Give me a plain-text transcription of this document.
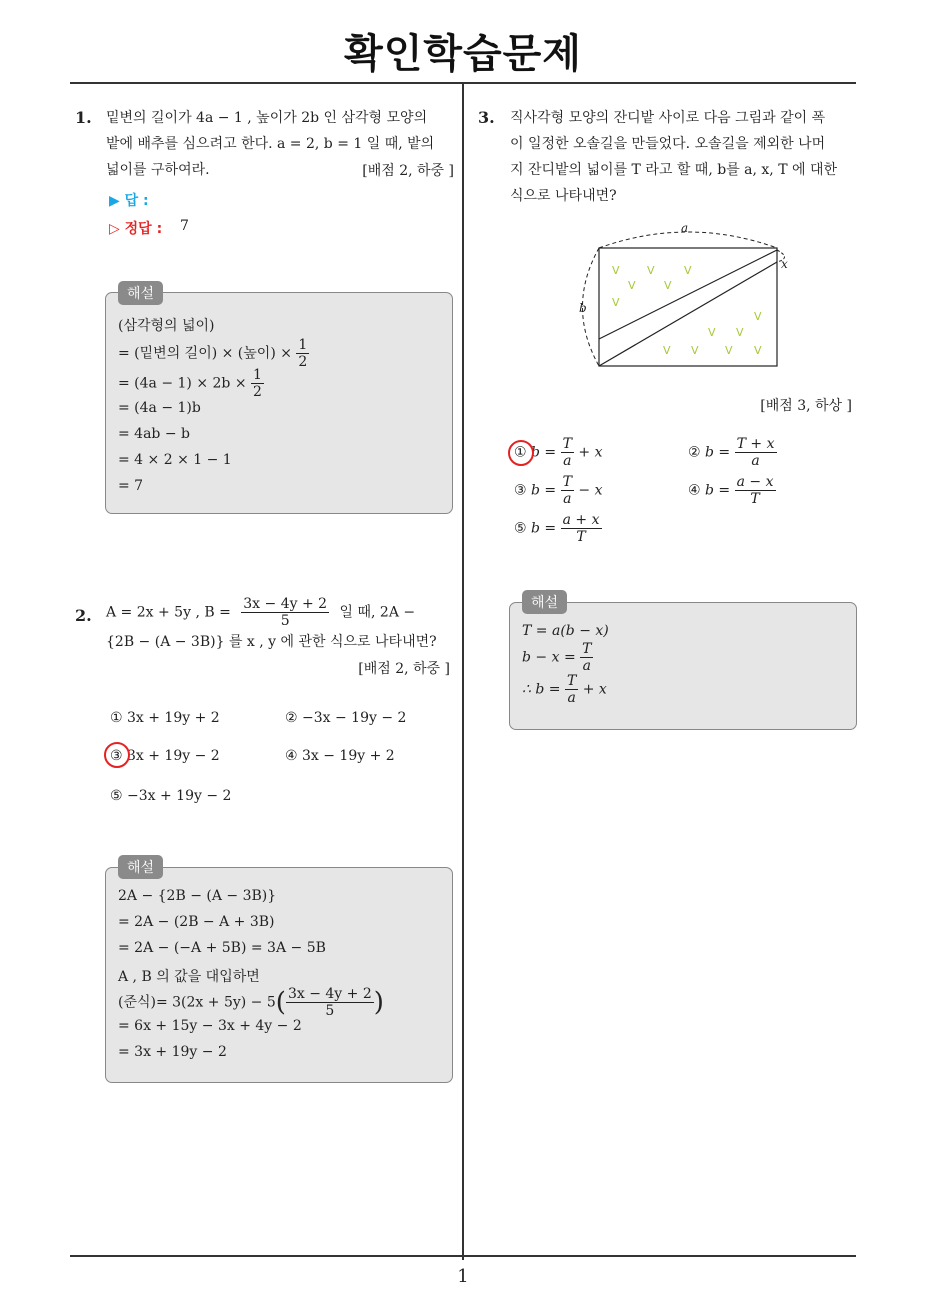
확인학습문제
1
1. 밑변의 길이가 4a − 1 , 높이가 2b 인 삼각형 모양의
밭에 배추를 심으려고 한다. a = 2, b = 1 일 때, 밭의
넓이를 구하여라.	[배점 2, 하중 ]
▶ 답 :
▷ 정답 : 7
(삼각형의 넓이)
= (밑변의 길이) × (높이) × $\frac{1}{2}$
= $(4a - 1) \times 2b \times \frac{1}{2}$
= (4a − 1)b
= 4ab − b
= 4 × 2 × 1 − 1
= 7
해설
2. A = 2x + 5y , $B = \frac{3x - 4y + 2}{5}$ 일 때, 2A −
{2B − (A − 3B)} 를 x , y 에 관한 식으로 나타내면?
[배점 2, 하중 ]
① 3x + 19y + 2	② −3x − 19y − 2
③ 3x + 19y − 2	④ 3x − 19y + 2
⑤ −3x + 19y − 2
2A − {2B − (A − 3B)}
= 2A − (2B − A + 3B)
= 2A − (−A + 5B) = 3A − 5B
A , B 의 값을 대입하면
(준식)= $3(2x + 5y) - 5( \frac{3x - 4y + 2}{5}$ )
= 6x + 15y − 3x + 4y − 2
= 3x + 19y − 2
해설
3. 직사각형 모양의 잔디밭 사이로 다음 그림과 같이 폭
이 일정한 오솔길을 만들었다. 오솔길을 제외한 나머
지 잔디밭의 넓이를 T 라고 할 때, b를 a, x, T 에 대한
식으로 나타내면?
a
b
x
V V	V
V	V
V
V
V V
V V V V
[배점 3, 하상 ]
① $b = \frac{T}{a} + x$	② $b = \frac{T + x}{a}$
③ $b = \frac{T}{a} - x$	④ $b = \frac{a - x}{T}$
⑤ $b = \frac{a + x}{T}$
T = a(b − x)
$b - x = \frac{T}{a}$
∴ $b = \frac{T}{a} + x$
해설
